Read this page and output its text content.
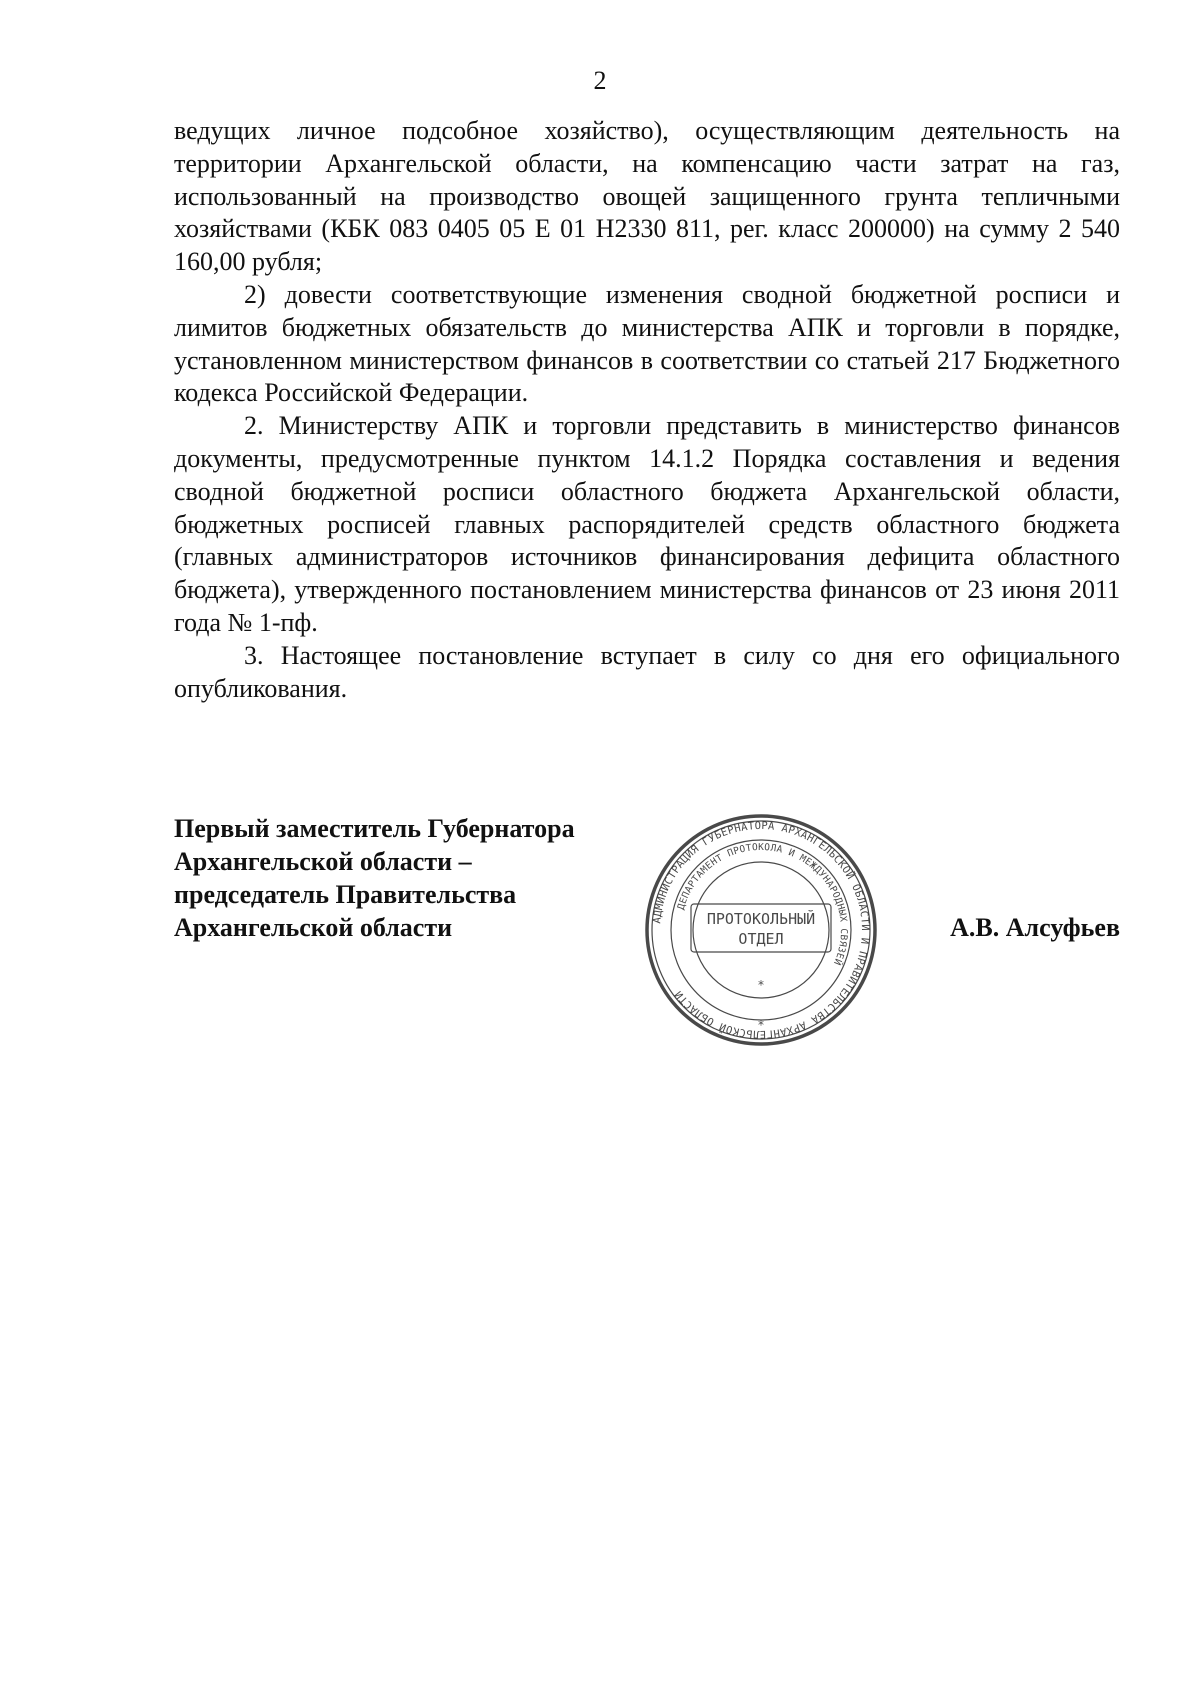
2

ведущих личное подсобное хозяйство), осуществляющим деятельность на территории Архангельской области, на компенсацию части затрат на газ, использованный на производство овощей защищенного грунта тепличными хозяйствами (КБК 083 0405 05 Е 01 Н2330 811, рег. класс 200000) на сумму 2 540 160,00 рубля;

2) довести соответствующие изменения сводной бюджетной росписи и лимитов бюджетных обязательств до министерства АПК и торговли в порядке, установленном министерством финансов в соответствии со статьей 217 Бюджетного кодекса Российской Федерации.

2. Министерству АПК и торговли представить в министерство финансов документы, предусмотренные пунктом 14.1.2 Порядка составления и ведения сводной бюджетной росписи областного бюджета Архангельской области, бюджетных росписей главных распорядителей средств областного бюджета (главных администраторов источников финансирования дефицита областного бюджета), утвержденного постановлением министерства финансов от 23 июня 2011 года № 1-пф.

3. Настоящее постановление вступает в силу со дня его официального опубликования.

Первый заместитель Губернатора
Архангельской области –
председатель Правительства
Архангельской области	АДМИНИСТРАЦИЯ ГУБЕРНАТОРА АРХАНГЕЛЬСКОЙ ОБЛАСТИ И ПРАВИТЕЛЬСТВА АРХАНГЕЛЬСКОЙ ОБЛАСТИ
ДЕПАРТАМЕНТ ПРОТОКОЛА И МЕЖДУНАРОДНЫХ СВЯЗЕЙ
ПРОТОКОЛЬНЫЙ
ОТДЕЛ
*
*
А.В. Алсуфьев
